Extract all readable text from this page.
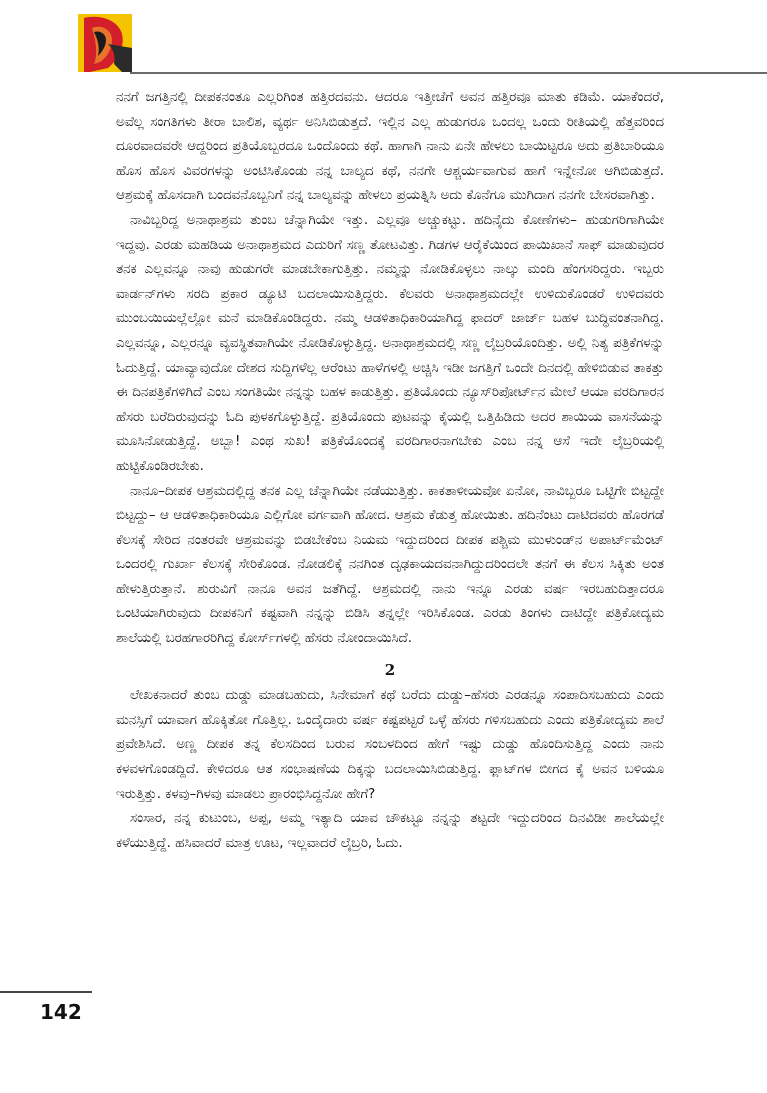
ನನಗೆ ಜಗತ್ತಿನಲ್ಲಿ ದೀಪಕನಂತೂ ಎಲ್ಲರಿಗಿಂತ ಹತ್ತಿರದವನು. ಆದರೂ ಇತ್ತೀಚೆಗೆ ಅವನ ಹತ್ತಿರವೂ ಮಾತು ಕಡಿಮೆ. ಯಾಕೆಂದರೆ, ಅವೆಲ್ಲ ಸಂಗತಿಗಳು ತೀರಾ ಬಾಲಿಶ, ವ್ಯರ್ಥ ಅನಿಸಿಬಿಡುತ್ತದೆ. ಇಲ್ಲಿನ ಎಲ್ಲ ಹುಡುಗರೂ ಒಂದಲ್ಲ ಒಂದು ರೀತಿಯಲ್ಲಿ ಹೆತ್ತವರಿಂದ ದೂರವಾದವರೇ ಆದ್ದರಿಂದ ಪ್ರತಿಯೊಬ್ಬರದೂ ಒಂದೊಂದು ಕಥೆ. ಹಾಗಾಗಿ ನಾನು ಏನೇ ಹೇಳಲು ಬಾಯಿಟ್ಟರೂ ಅದು ಪ್ರತಿಬಾರಿಯೂ ಹೊಸ ಹೊಸ ವಿವರಗಳನ್ನು ಅಂಟಿಸಿಕೊಂಡು ನನ್ನ ಬಾಲ್ಯದ ಕಥೆ, ನನಗೇ ಆಶ್ಚರ್ಯವಾಗುವ ಹಾಗೆ ಇನ್ನೇನೋ ಆಗಿಬಿಡುತ್ತದೆ. ಆಶ್ರಮಕ್ಕೆ ಹೊಸದಾಗಿ ಬಂದವನೊಬ್ಬನಿಗೆ ನನ್ನ ಬಾಲ್ಯವನ್ನು ಹೇಳಲು ಪ್ರಯತ್ನಿಸಿ ಅದು ಕೊನೆಗೂ ಮುಗಿದಾಗ ನನಗೇ ಬೇಸರವಾಗಿತ್ತು.

ನಾವಿಬ್ಬರಿದ್ದ ಅನಾಥಾಶ್ರಮ ತುಂಬ ಚೆನ್ನಾಗಿಯೇ ಇತ್ತು. ಎಲ್ಲವೂ ಅಚ್ಚುಕಟ್ಟು. ಹದಿನೈದು ಕೋಣೆಗಳು– ಹುಡುಗರಿಗಾಗಿಯೇ ಇದ್ದವು. ಎರಡು ಮಹಡಿಯ ಅನಾಥಾಶ್ರಮದ ಎದುರಿಗೆ ಸಣ್ಣ ತೋಟವಿತ್ತು. ಗಿಡಗಳ ಆರೈಕೆಯಿಂದ ಪಾಯಿಖಾನೆ ಸಾಫ್ ಮಾಡುವುದರ ತನಕ ಎಲ್ಲವನ್ನೂ ನಾವು ಹುಡುಗರೇ ಮಾಡಬೇಕಾಗುತ್ತಿತ್ತು. ನಮ್ಮನ್ನು ನೋಡಿಕೊಳ್ಳಲು ನಾಲ್ಕು ಮಂದಿ ಹೆಂಗಸರಿದ್ದರು. ಇಬ್ಬರು ವಾರ್ಡನ್‌ಗಳು ಸರದಿ ಪ್ರಕಾರ ಡ್ಯೂಟಿ ಬದಲಾಯಿಸುತ್ತಿದ್ದರು. ಕೆಲವರು ಅನಾಥಾಶ್ರಮದಲ್ಲೇ ಉಳಿದುಕೊಂಡರೆ ಉಳಿದವರು ಮುಂಬಯಿಯಲ್ಲೆಲ್ಲೋ ಮನೆ ಮಾಡಿಕೊಂಡಿದ್ದರು. ನಮ್ಮ ಆಡಳಿತಾಧಿಕಾರಿಯಾಗಿದ್ದ ಫಾದರ್ ಜಾರ್ಜ್ ಬಹಳ ಬುದ್ಧಿವಂತನಾಗಿದ್ದ. ಎಲ್ಲವನ್ನೂ, ಎಲ್ಲರನ್ನೂ ವ್ಯವಸ್ಥಿತವಾಗಿಯೇ ನೋಡಿಕೊಳ್ಳುತ್ತಿದ್ದ. ಅನಾಥಾಶ್ರಮದಲ್ಲಿ ಸಣ್ಣ ಲೈಬ್ರರಿಯೊಂದಿತ್ತು. ಅಲ್ಲಿ ನಿತ್ಯ ಪತ್ರಿಕೆಗಳನ್ನು ಓದುತ್ತಿದ್ದೆ. ಯಾವ್ಯಾವುದೋ ದೇಶದ ಸುದ್ದಿಗಳೆಲ್ಲ ಆರೆಂಟು ಹಾಳೆಗಳಲ್ಲಿ ಅಚ್ಚಿಸಿ ಇಡೀ ಜಗತ್ತಿಗೆ ಒಂದೇ ದಿನದಲ್ಲಿ ಹೇಳಿಬಿಡುವ ತಾಕತ್ತು ಈ ದಿನಪತ್ರಿಕೆಗಳಿಗಿದೆ ಎಂಬ ಸಂಗತಿಯೇ ನನ್ನನ್ನು ಬಹಳ ಕಾಡುತ್ತಿತ್ತು. ಪ್ರತಿಯೊಂದು ನ್ಯೂಸ್‌ರಿಪೋರ್ಟ್‌ನ ಮೇಲೆ ಆಯಾ ವರದಿಗಾರನ ಹೆಸರು ಬರೆದಿರುವುದನ್ನು ಓದಿ ಪುಳಕಗೊಳ್ಳುತ್ತಿದ್ದೆ. ಪ್ರತಿಯೊಂದು ಪುಟವನ್ನು ಕೈಯಲ್ಲಿ ಒತ್ತಿಹಿಡಿದು ಅದರ ಶಾಯಿಯ ವಾಸನೆಯನ್ನು ಮೂಸಿನೋಡುತ್ತಿದ್ದೆ. ಅಬ್ಬಾ! ಎಂಥ ಸುಖ! ಪತ್ರಿಕೆಯೊಂದಕ್ಕೆ ವರದಿಗಾರನಾಗಬೇಕು ಎಂಬ ನನ್ನ ಆಸೆ ಇದೇ ಲೈಬ್ರರಿಯಲ್ಲಿ ಹುಟ್ಟಿಕೊಂಡಿರಬೇಕು.

ನಾನೂ–ದೀಪಕ ಆಶ್ರಮದಲ್ಲಿದ್ದ ತನಕ ಎಲ್ಲ ಚೆನ್ನಾಗಿಯೇ ನಡೆಯುತ್ತಿತ್ತು. ಕಾಕತಾಳೀಯವೋ ಏನೋ, ನಾವಿಬ್ಬರೂ ಒಟ್ಟಿಗೇ ಬಿಟ್ಟದ್ದೇ ಬಿಟ್ಟದ್ದು– ಆ ಆಡಳಿತಾಧಿಕಾರಿಯೂ ಎಲ್ಲಿಗೋ ವರ್ಗವಾಗಿ ಹೋದ. ಆಶ್ರಮ ಕೆಡುತ್ತ ಹೋಯಿತು. ಹದಿನೆಂಟು ದಾಟಿದವರು ಹೊರಗಡೆ ಕೆಲಸಕ್ಕೆ ಸೇರಿದ ನಂತರವೇ ಆಶ್ರಮವನ್ನು ಬಿಡಬೇಕೆಂಬ ನಿಯಮ ಇದ್ದುದರಿಂದ ದೀಪಕ ಪಶ್ಚಿಮ ಮುಳುಂಡ್‌ನ ಅಪಾರ್ಟ್‌ಮೆಂಟ್ ಒಂದರಲ್ಲಿ ಗುರ್ಖಾ ಕೆಲಸಕ್ಕೆ ಸೇರಿಕೊಂಡ. ನೋಡಲಿಕ್ಕೆ ನನಗಿಂತ ದೃಢಕಾಯದವನಾಗಿದ್ದುದರಿಂದಲೇ ತನಗೆ ಈ ಕೆಲಸ ಸಿಕ್ಕಿತು ಅಂತ ಹೇಳುತ್ತಿರುತ್ತಾನೆ. ಶುರುವಿಗೆ ನಾನೂ ಅವನ ಜತೆಗಿದ್ದೆ. ಆಶ್ರಮದಲ್ಲಿ ನಾನು ಇನ್ನೂ ಎರಡು ವರ್ಷ ಇರಬಹುದಿತ್ತಾದರೂ ಒಂಟಿಯಾಗಿರುವುದು ದೀಪಕನಿಗೆ ಕಷ್ಟವಾಗಿ ನನ್ನನ್ನು ಬಿಡಿಸಿ ತನ್ನಲ್ಲೇ ಇರಿಸಿಕೊಂಡ. ಎರಡು ತಿಂಗಳು ದಾಟಿದ್ದೇ ಪತ್ರಿಕೋದ್ಯಮ ಶಾಲೆಯಲ್ಲಿ ಬರಹಗಾರರಿಗಿದ್ದ ಕೋರ್ಸ್‌ಗಳಲ್ಲಿ ಹೆಸರು ನೋಂದಾಯಿಸಿದೆ.

2

ಲೇಖಕನಾದರೆ ತುಂಬ ದುಡ್ಡು ಮಾಡಬಹುದು, ಸಿನೇಮಾಗೆ ಕಥೆ ಬರೆದು ದುಡ್ಡು–ಹೆಸರು ಎರಡನ್ನೂ ಸಂಪಾದಿಸಬಹುದು ಎಂದು ಮನಸ್ಸಿಗೆ ಯಾವಾಗ ಹೊಕ್ಕಿತೋ ಗೊತ್ತಿಲ್ಲ. ಒಂದೈದಾರು ವರ್ಷ ಕಷ್ಟಪಟ್ಟರೆ ಒಳ್ಳೆ ಹೆಸರು ಗಳಿಸಬಹುದು ಎಂದು ಪತ್ರಿಕೋದ್ಯಮ ಶಾಲೆ ಪ್ರವೇಶಿಸಿದೆ. ಅಣ್ಣ ದೀಪಕ ತನ್ನ ಕೆಲಸದಿಂದ ಬರುವ ಸಂಬಳದಿಂದ ಹೇಗೆ ಇಷ್ಟು ದುಡ್ಡು ಹೊಂದಿಸುತ್ತಿದ್ದ ಎಂದು ನಾನು ಕಳವಳಗೊಂಡದ್ದಿದೆ. ಕೇಳಿದರೂ ಆತ ಸಂಭಾಷಣೆಯ ದಿಕ್ಕನ್ನು ಬದಲಾಯಿಸಿಬಿಡುತ್ತಿದ್ದ. ಫ್ಲಾಟ್‌ಗಳ ಬೀಗದ ಕೈ ಅವನ ಬಳಿಯೂ ಇರುತ್ತಿತ್ತು. ಕಳವು–ಗಿಳವು ಮಾಡಲು ಪ್ರಾರಂಭಿಸಿದ್ದನೋ ಹೇಗೆ?

ಸಂಸಾರ, ನನ್ನ ಕುಟುಂಬ, ಅಪ್ಪ, ಅಮ್ಮ ಇತ್ಯಾದಿ ಯಾವ ಚೌಕಟ್ಟೂ ನನ್ನನ್ನು ತಟ್ಟದೇ ಇದ್ದುದರಿಂದ ದಿನವಿಡೀ ಶಾಲೆಯಲ್ಲೇ ಕಳೆಯುತ್ತಿದ್ದೆ. ಹಸಿವಾದರೆ ಮಾತ್ರ ಊಟ, ಇಲ್ಲವಾದರೆ ಲೈಬ್ರರಿ, ಓದು.

142
